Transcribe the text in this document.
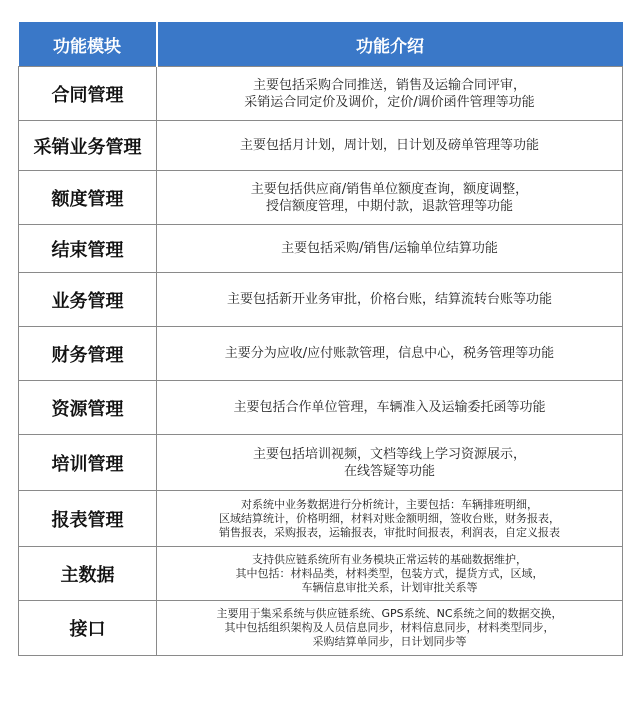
功能模块	功能介绍
合同管理	主要包括采购合同推送，销售及运输合同评审，
采销运合同定价及调价，定价/调价函件管理等功能

采销业务管理	主要包括月计划，周计划，日计划及磅单管理等功能

额度管理	主要包括供应商/销售单位额度查询，额度调整，
授信额度管理，中期付款，退款管理等功能

结束管理	主要包括采购/销售/运输单位结算功能

业务管理	主要包括新开业务审批，价格台账，结算流转台账等功能

财务管理	主要分为应收/应付账款管理，信息中心，税务管理等功能

资源管理	主要包括合作单位管理，车辆准入及运输委托函等功能

培训管理	主要包括培训视频，文档等线上学习资源展示，
在线答疑等功能

报表管理	对系统中业务数据进行分析统计，主要包括：车辆排班明细，
区域结算统计，价格明细，材料对账金额明细，签收台账，财务报表，
销售报表，采购报表，运输报表，审批时间报表，利润表，自定义报表

主数据	支持供应链系统所有业务模块正常运转的基础数据维护，
其中包括：材料品类，材料类型，包装方式，提货方式，区域，
车辆信息审批关系，计划审批关系等

接口	主要用于集采系统与供应链系统、GPS系统、NC系统之间的数据交换，
其中包括组织架构及人员信息同步，材料信息同步，材料类型同步，
采购结算单同步，日计划同步等
